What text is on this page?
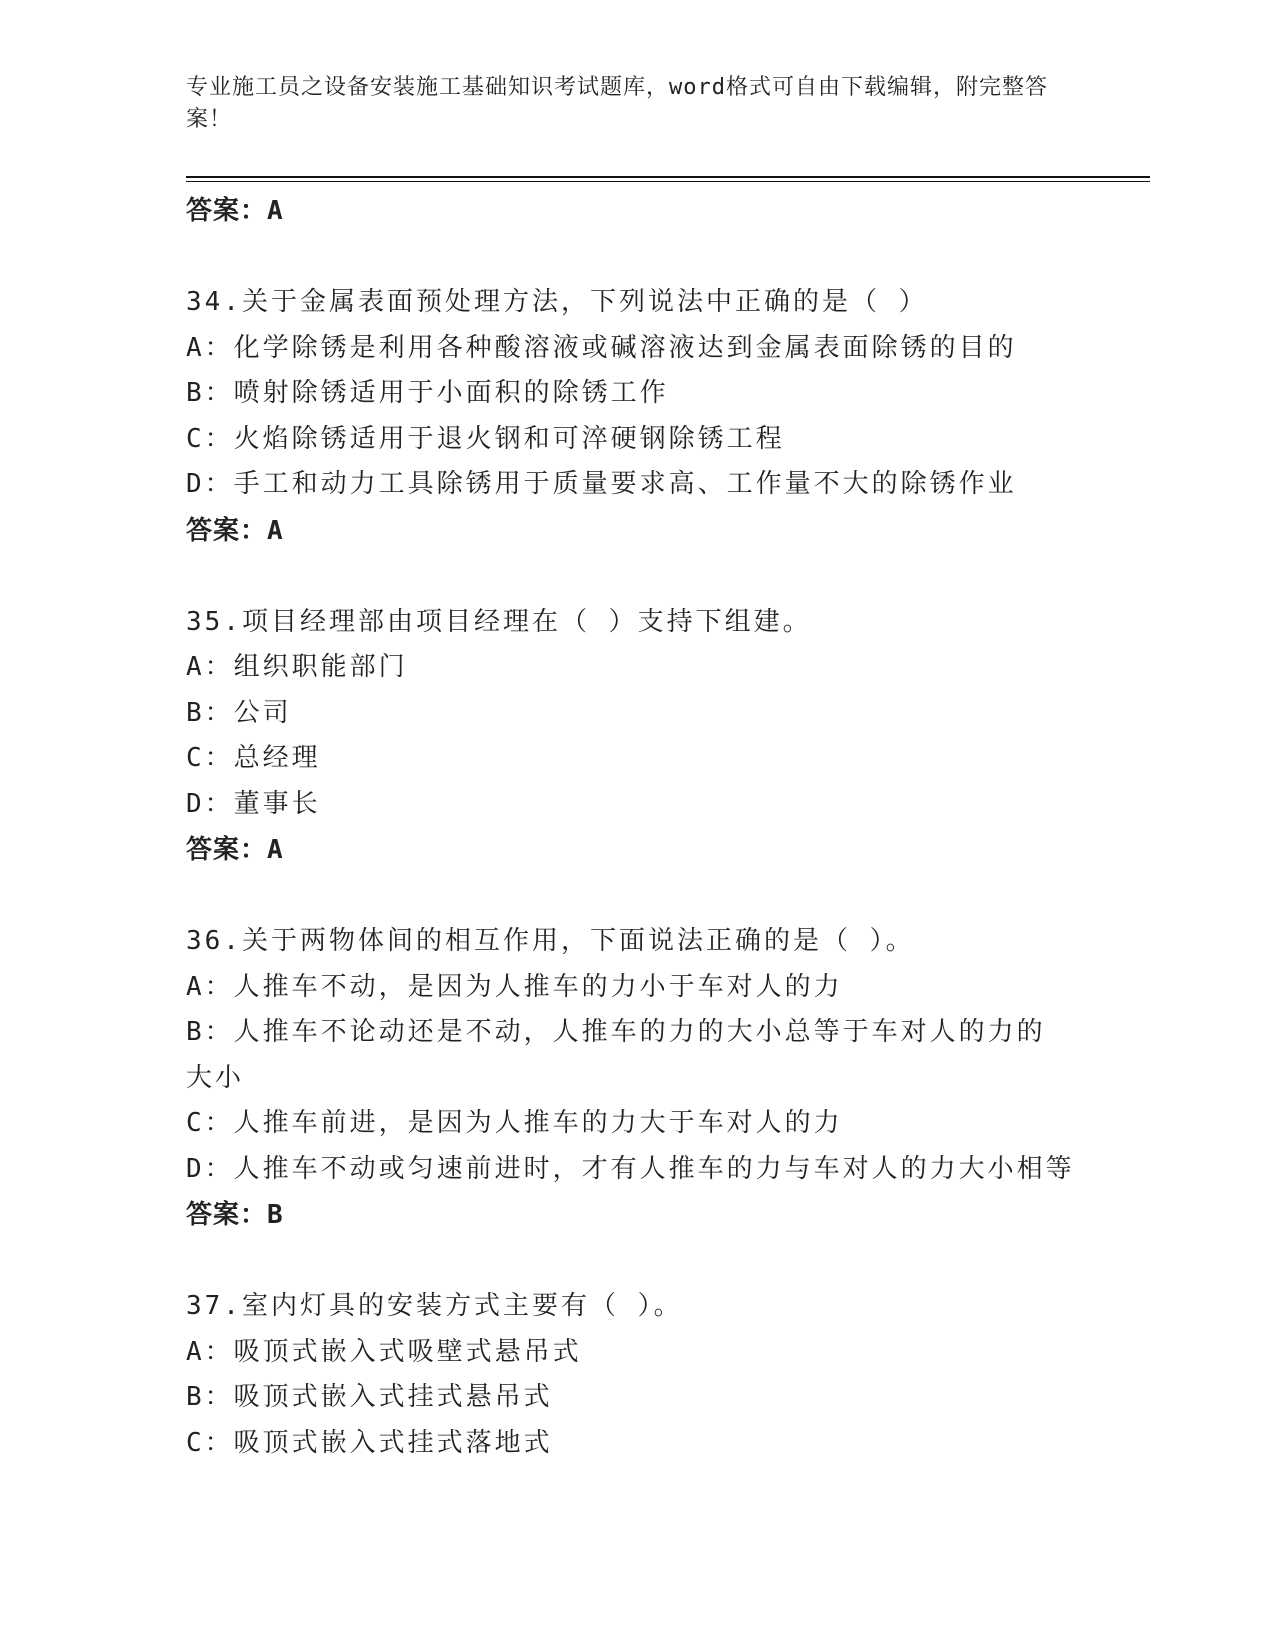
专业施工员之设备安装施工基础知识考试题库，word格式可自由下载编辑，附完整答案！
答案：A
34.关于金属表面预处理方法，下列说法中正确的是（ ）
A：化学除锈是利用各种酸溶液或碱溶液达到金属表面除锈的目的
B：喷射除锈适用于小面积的除锈工作
C：火焰除锈适用于退火钢和可淬硬钢除锈工程
D：手工和动力工具除锈用于质量要求高、工作量不大的除锈作业
答案：A
35.项目经理部由项目经理在（ ）支持下组建。
A：组织职能部门
B：公司
C：总经理
D：董事长
答案：A
36.关于两物体间的相互作用，下面说法正确的是（ ）。
A：人推车不动，是因为人推车的力小于车对人的力
B：人推车不论动还是不动，人推车的力的大小总等于车对人的力的大小
C：人推车前进，是因为人推车的力大于车对人的力
D：人推车不动或匀速前进时，才有人推车的力与车对人的力大小相等
答案：B
37.室内灯具的安装方式主要有（ ）。
A：吸顶式嵌入式吸壁式悬吊式
B：吸顶式嵌入式挂式悬吊式
C：吸顶式嵌入式挂式落地式
